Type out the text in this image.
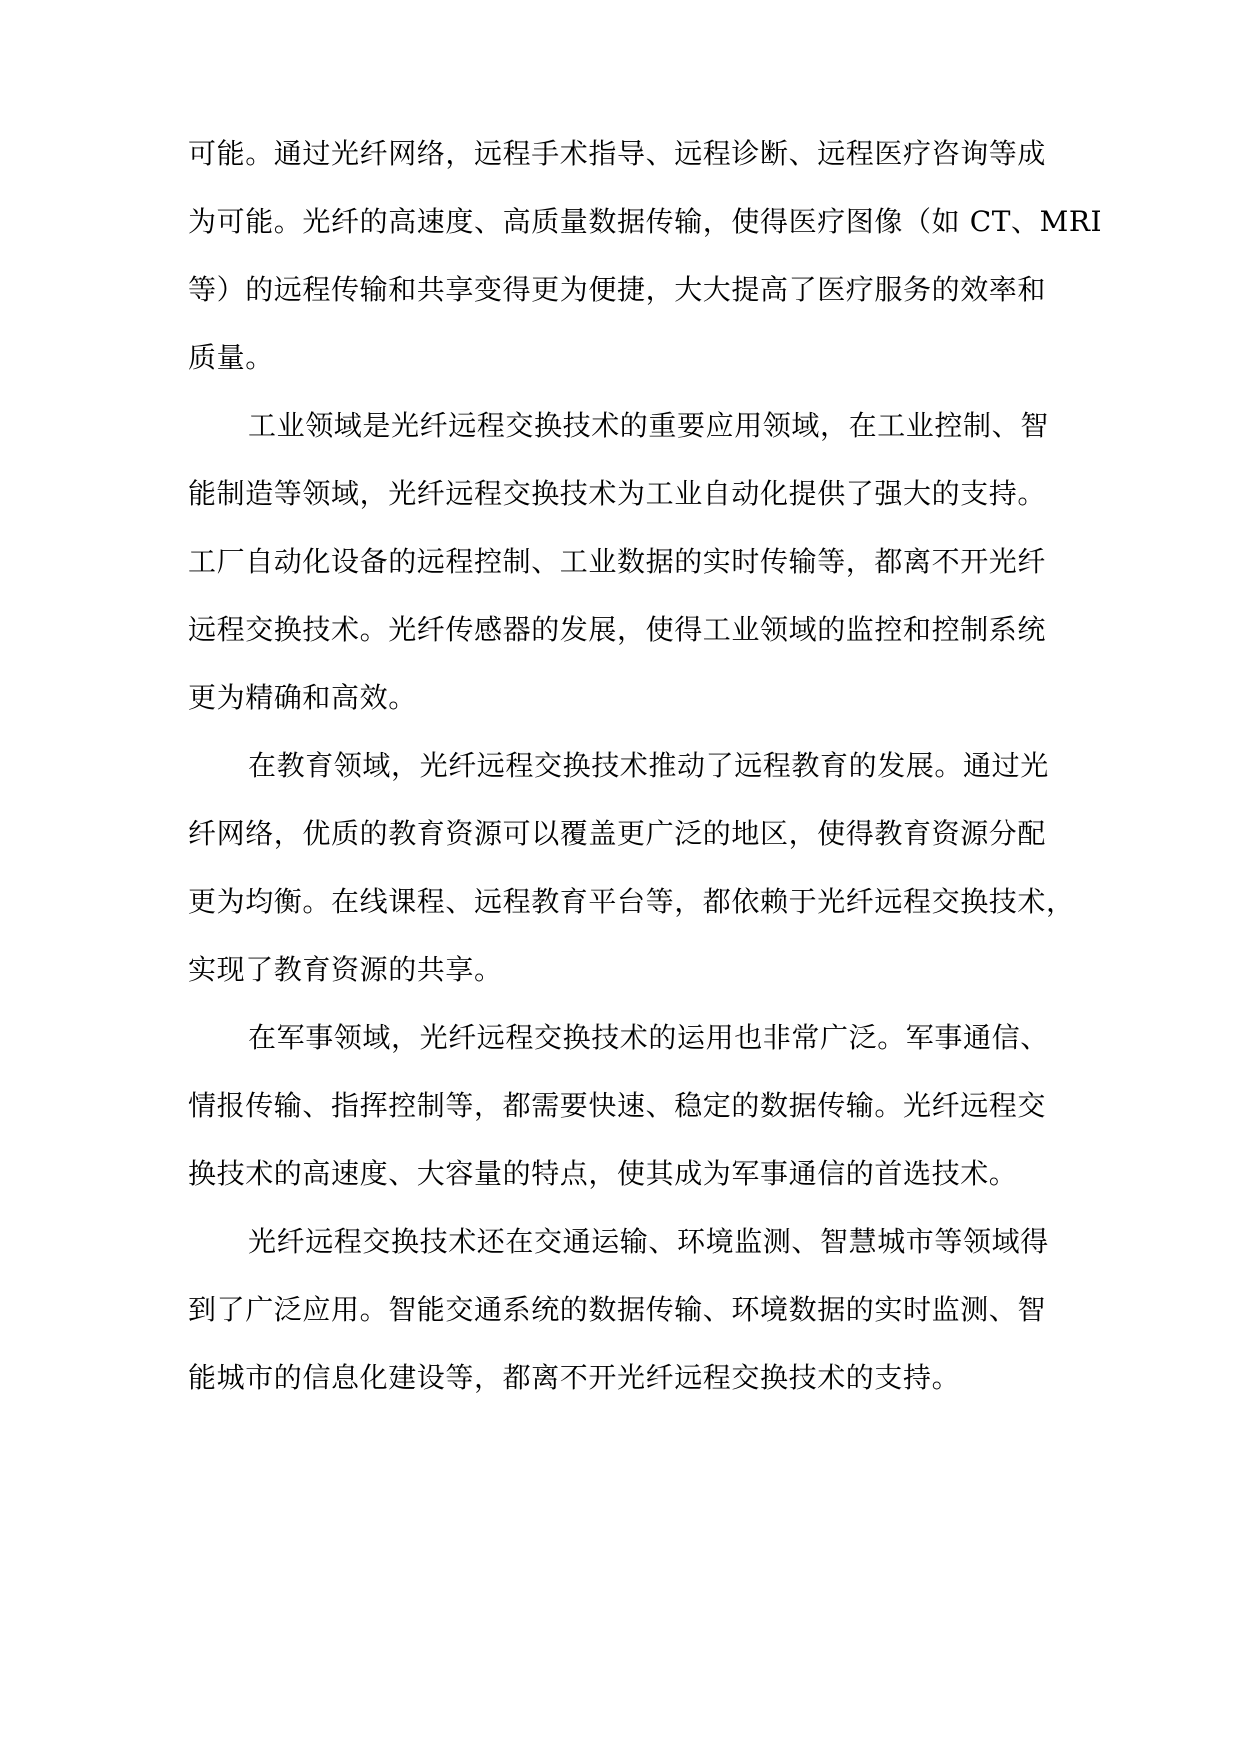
可能。通过光纤网络，远程手术指导、远程诊断、远程医疗咨询等成
为可能。光纤的高速度、高质量数据传输，使得医疗图像（如 CT、MRI
等）的远程传输和共享变得更为便捷，大大提高了医疗服务的效率和
质量。
工业领域是光纤远程交换技术的重要应用领域，在工业控制、智
能制造等领域，光纤远程交换技术为工业自动化提供了强大的支持。
工厂自动化设备的远程控制、工业数据的实时传输等，都离不开光纤
远程交换技术。光纤传感器的发展，使得工业领域的监控和控制系统
更为精确和高效。
在教育领域，光纤远程交换技术推动了远程教育的发展。通过光
纤网络，优质的教育资源可以覆盖更广泛的地区，使得教育资源分配
更为均衡。在线课程、远程教育平台等，都依赖于光纤远程交换技术，
实现了教育资源的共享。
在军事领域，光纤远程交换技术的运用也非常广泛。军事通信、
情报传输、指挥控制等，都需要快速、稳定的数据传输。光纤远程交
换技术的高速度、大容量的特点，使其成为军事通信的首选技术。
光纤远程交换技术还在交通运输、环境监测、智慧城市等领域得
到了广泛应用。智能交通系统的数据传输、环境数据的实时监测、智
能城市的信息化建设等，都离不开光纤远程交换技术的支持。
